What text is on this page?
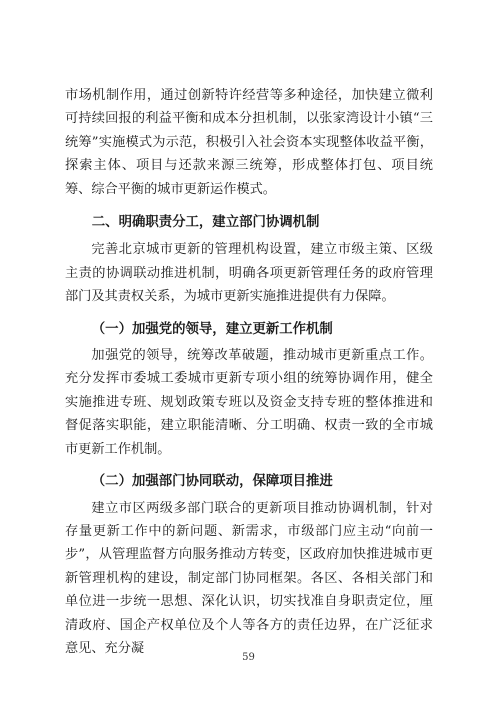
市场机制作用，通过创新特许经营等多种途径，加快建立微利可持续回报的利益平衡和成本分担机制，以张家湾设计小镇“三统筹”实施模式为示范，积极引入社会资本实现整体收益平衡，探索主体、项目与还款来源三统筹，形成整体打包、项目统筹、综合平衡的城市更新运作模式。

二、明确职责分工，建立部门协调机制

完善北京城市更新的管理机构设置，建立市级主策、区级主责的协调联动推进机制，明确各项更新管理任务的政府管理部门及其责权关系，为城市更新实施推进提供有力保障。

（一）加强党的领导，建立更新工作机制

加强党的领导，统筹改革破题，推动城市更新重点工作。充分发挥市委城工委城市更新专项小组的统筹协调作用，健全实施推进专班、规划政策专班以及资金支持专班的整体推进和督促落实职能，建立职能清晰、分工明确、权责一致的全市城市更新工作机制。

（二）加强部门协同联动，保障项目推进

建立市区两级多部门联合的更新项目推动协调机制，针对存量更新工作中的新问题、新需求，市级部门应主动“向前一步”，从管理监督方向服务推动方转变，区政府加快推进城市更新管理机构的建设，制定部门协同框架。各区、各相关部门和单位进一步统一思想、深化认识，切实找准自身职责定位，厘清政府、国企产权单位及个人等各方的责任边界，在广泛征求意见、充分凝

59
